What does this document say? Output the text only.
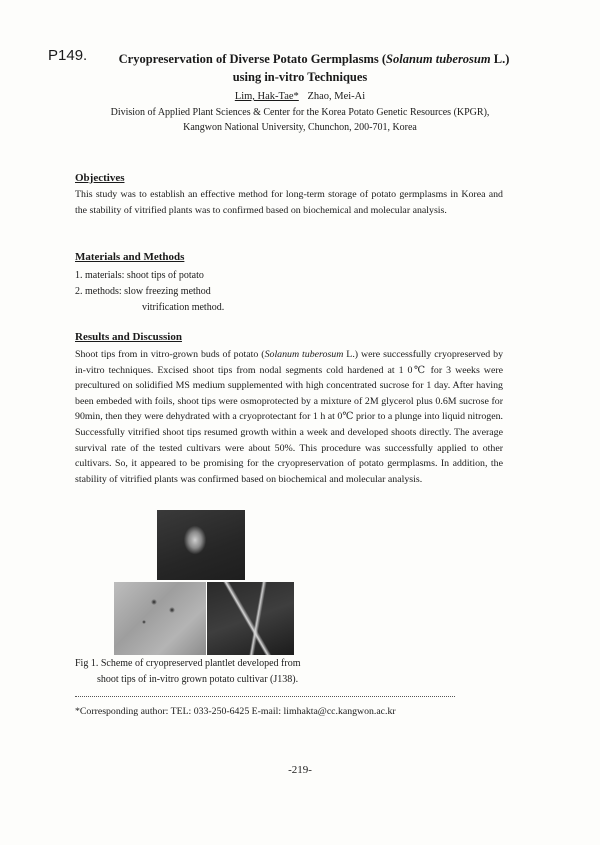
P149.	Cryopreservation of Diverse Potato Germplasms (Solanum tuberosum L.)
using in-vitro Techniques
Lim, Hak-Tae* Zhao, Mei-Ai
Division of Applied Plant Sciences & Center for the Korea Potato Genetic Resources (KPGR),
Kangwon National University, Chunchon, 200-701, Korea
Objectives
This study was to establish an effective method for long-term storage of potato germplasms in Korea and the stability of vitrified plants was to confirmed based on biochemical and molecular analysis.
Materials and Methods
1. materials: shoot tips of potato
2. methods: slow freezing method
vitrification method.
Results and Discussion
Shoot tips from in vitro-grown buds of potato (Solanum tuberosum L.) were successfully cryopreserved by in-vitro techniques. Excised shoot tips from nodal segments cold hardened at 1 0℃ for 3 weeks were precultured on solidified MS medium supplemented with high concentrated sucrose for 1 day. After having been embeded with foils, shoot tips were osmoprotected by a mixture of 2M glycerol plus 0.6M sucrose for 90min, then they were dehydrated with a cryoprotectant for 1 h at 0℃ prior to a plunge into liquid nitrogen. Successfully vitrified shoot tips resumed growth within a week and developed shoots directly. The average survival rate of the tested cultivars were about 50%. This procedure was successfully applied to other cultivars. So, it appeared to be promising for the cryopreservation of potato germplasms. In addition, the stability of vitrified plants was confirmed based on biochemical and molecular analysis.
Fig 1. Scheme of cryopreserved plantlet developed from
shoot tips of in-vitro grown potato cultivar (J138).
*Corresponding author: TEL: 033-250-6425 E-mail: limhakta@cc.kangwon.ac.kr
-219-
